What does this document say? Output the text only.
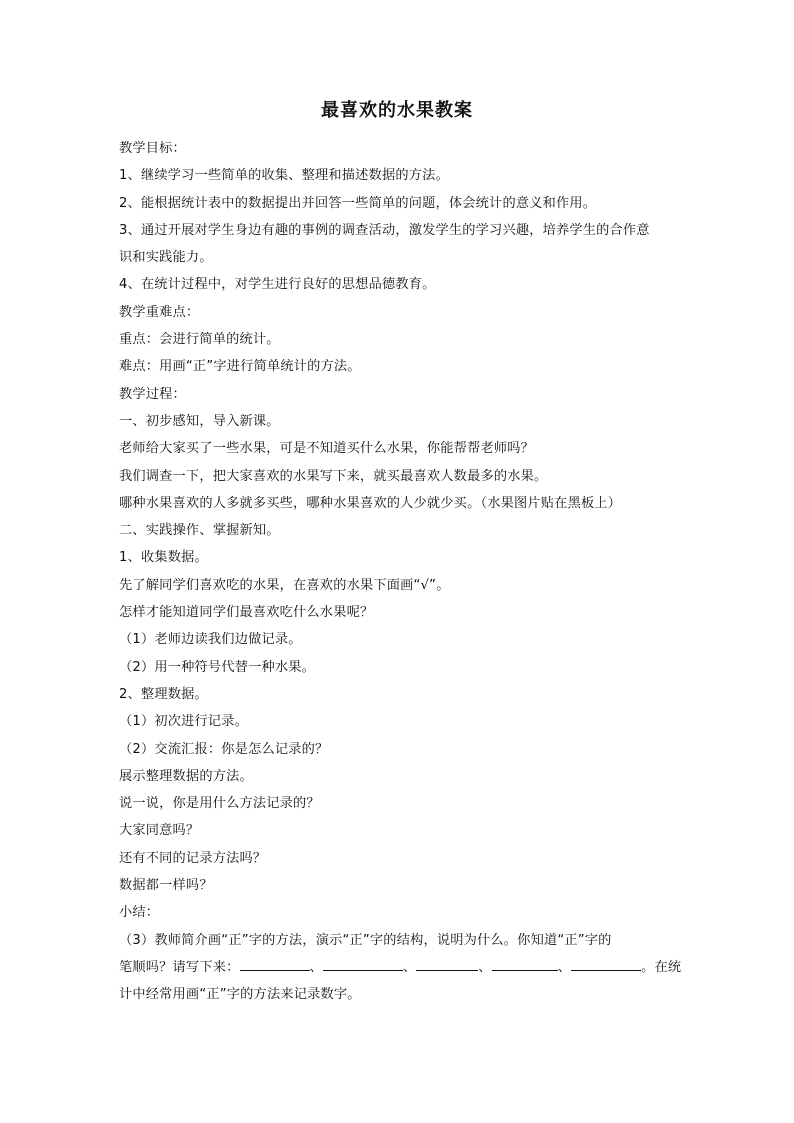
最喜欢的水果教案

教学目标：

1、继续学习一些简单的收集、整理和描述数据的方法。

2、能根据统计表中的数据提出并回答一些简单的问题，体会统计的意义和作用。

3、通过开展对学生身边有趣的事例的调查活动，激发学生的学习兴趣，培养学生的合作意

识和实践能力。

4、在统计过程中，对学生进行良好的思想品德教育。

教学重难点：

重点：会进行简单的统计。

难点：用画“正”字进行简单统计的方法。

教学过程：

一、初步感知，导入新课。

老师给大家买了一些水果，可是不知道买什么水果，你能帮帮老师吗？

我们调查一下，把大家喜欢的水果写下来，就买最喜欢人数最多的水果。

哪种水果喜欢的人多就多买些，哪种水果喜欢的人少就少买。（水果图片贴在黑板上）

二、实践操作、掌握新知。

1、收集数据。

先了解同学们喜欢吃的水果，在喜欢的水果下面画“√”。

怎样才能知道同学们最喜欢吃什么水果呢？

（1）老师边读我们边做记录。

（2）用一种符号代替一种水果。

2、整理数据。

（1）初次进行记录。

（2）交流汇报：你是怎么记录的？

展示整理数据的方法。

说一说，你是用什么方法记录的？

大家同意吗？

还有不同的记录方法吗？

数据都一样吗？

小结：

（3）教师简介画“正”字的方法，演示“正”字的结构，说明为什么。你知道“正”字的

笔顺吗？请写下来：	、	、	、	、	。在统

计中经常用画“正”字的方法来记录数字。
